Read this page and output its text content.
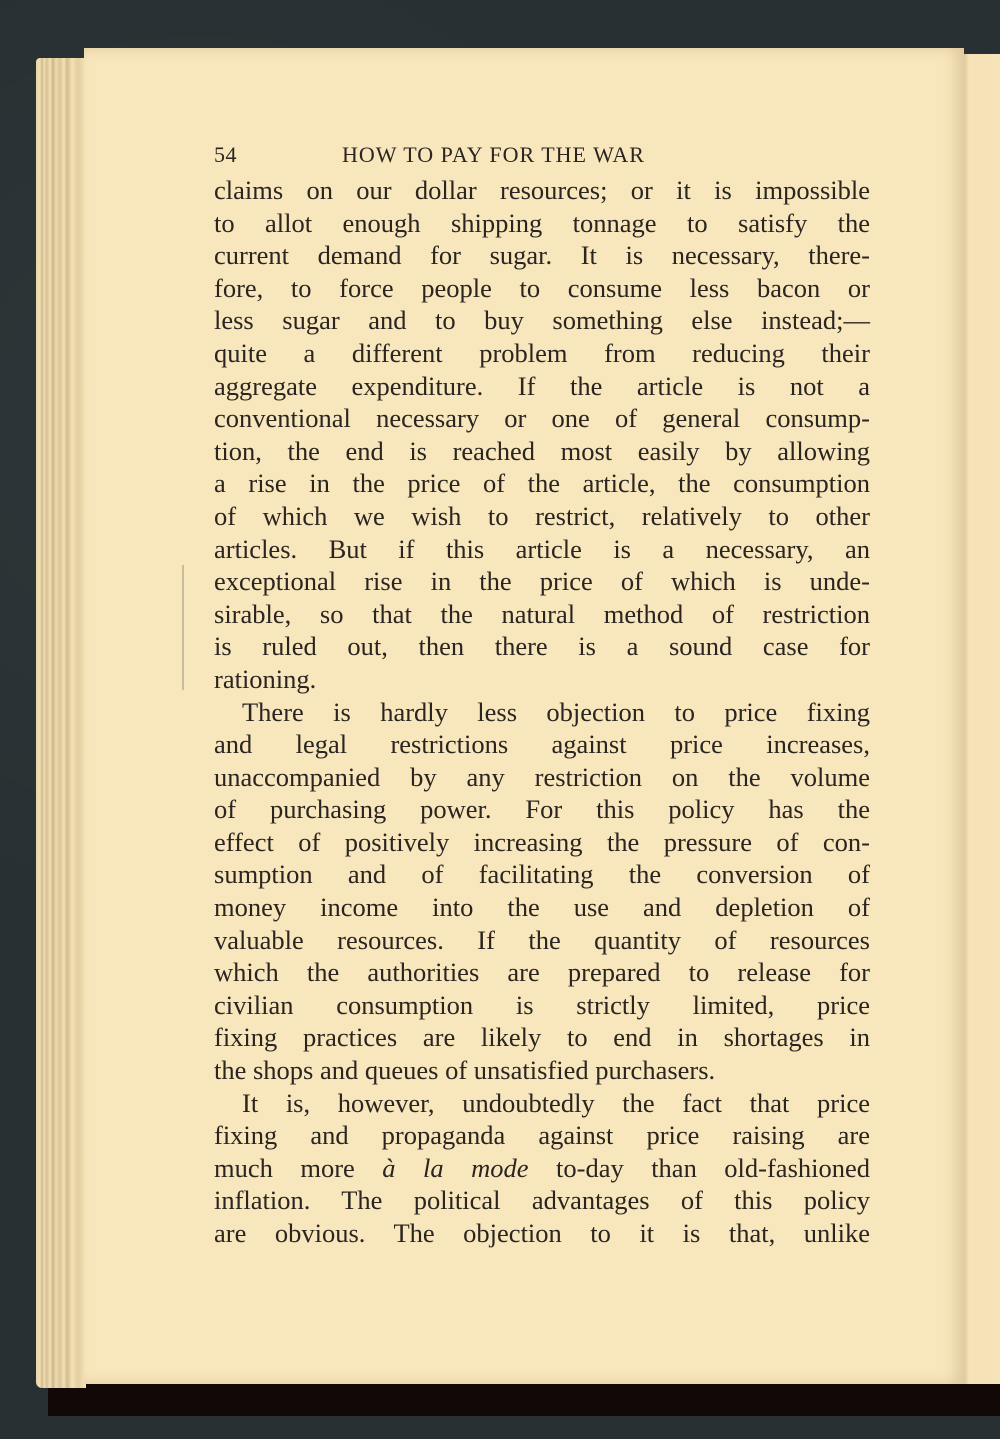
54	HOW TO PAY FOR THE WAR
claims on our dollar resources; or it is impossible
to allot enough shipping tonnage to satisfy the
current demand for sugar. It is necessary, there-
fore, to force people to consume less bacon or
less sugar and to buy something else instead;—
quite a different problem from reducing their
aggregate expenditure. If the article is not a
conventional necessary or one of general consump-
tion, the end is reached most easily by allowing
a rise in the price of the article, the consumption
of which we wish to restrict, relatively to other
articles. But if this article is a necessary, an
exceptional rise in the price of which is unde-
sirable, so that the natural method of restriction
is ruled out, then there is a sound case for
rationing.
There is hardly less objection to price fixing
and legal restrictions against price increases,
unaccompanied by any restriction on the volume
of purchasing power. For this policy has the
effect of positively increasing the pressure of con-
sumption and of facilitating the conversion of
money income into the use and depletion of
valuable resources. If the quantity of resources
which the authorities are prepared to release for
civilian consumption is strictly limited, price
fixing practices are likely to end in shortages in
the shops and queues of unsatisfied purchasers.
It is, however, undoubtedly the fact that price
fixing and propaganda against price raising are
much more à la mode to-day than old-fashioned
inflation. The political advantages of this policy
are obvious. The objection to it is that, unlike
